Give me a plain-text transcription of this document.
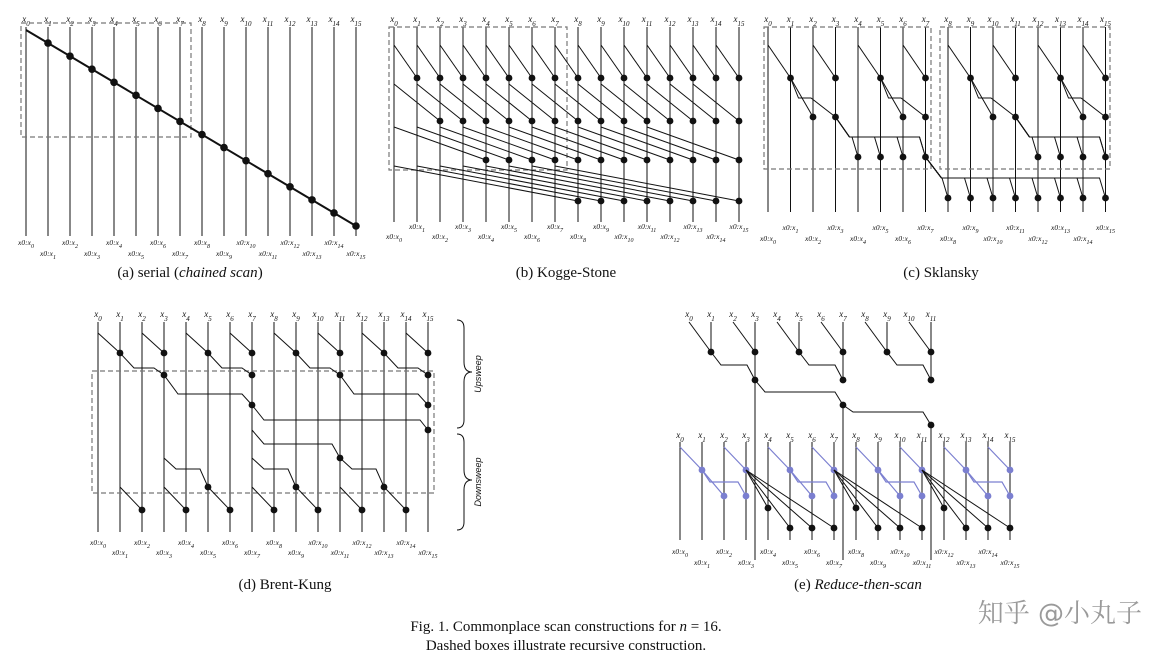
$x_0$
$x0:x_0$
$x_1$
$x0:x_1$
$x_2$
$x0:x_2$
$x_3$
$x0:x_3$
$x_4$
$x0:x_4$
$x_5$
$x0:x_5$
$x_6$
$x0:x_6$
$x_7$
$x0:x_7$
$x_8$
$x0:x_8$
$x_9$
$x0:x_9$
$x_{10}$
$x0:x_{10}$
$x_{11}$
$x0:x_{11}$
$x_{12}$
$x0:x_{12}$
$x_{13}$
$x0:x_{13}$
$x_{14}$
$x0:x_{14}$
$x_{15}$
$x0:x_{15}$
$x_0$
$x0:x_0$
$x_1$
$x0:x_1$
$x_2$
$x0:x_2$
$x_3$
$x0:x_3$
$x_4$
$x0:x_4$
$x_5$
$x0:x_5$
$x_6$
$x0:x_6$
$x_7$
$x0:x_7$
$x_8$
$x0:x_8$
$x_9$
$x0:x_9$
$x_{10}$
$x0:x_{10}$
$x_{11}$
$x0:x_{11}$
$x_{12}$
$x0:x_{12}$
$x_{13}$
$x0:x_{13}$
$x_{14}$
$x0:x_{14}$
$x_{15}$
$x0:x_{15}$
$x_0$
$x0:x_0$
$x_1$
$x0:x_1$
$x_2$
$x0:x_2$
$x_3$
$x0:x_3$
$x_4$
$x0:x_4$
$x_5$
$x0:x_5$
$x_6$
$x0:x_6$
$x_7$
$x0:x_7$
$x_8$
$x0:x_8$
$x_9$
$x0:x_9$
$x_{10}$
$x0:x_{10}$
$x_{11}$
$x0:x_{11}$
$x_{12}$
$x0:x_{12}$
$x_{13}$
$x0:x_{13}$
$x_{14}$
$x0:x_{14}$
$x_{15}$
$x0:x_{15}$
$x_0$
$x0:x_0$
$x_1$
$x0:x_1$
$x_2$
$x0:x_2$
$x_3$
$x0:x_3$
$x_4$
$x0:x_4$
$x_5$
$x0:x_5$
$x_6$
$x0:x_6$
$x_7$
$x0:x_7$
$x_8$
$x0:x_8$
$x_9$
$x0:x_9$
$x_{10}$
$x0:x_{10}$
$x_{11}$
$x0:x_{11}$
$x_{12}$
$x0:x_{12}$
$x_{13}$
$x0:x_{13}$
$x_{14}$
$x0:x_{14}$
$x_{15}$
$x0:x_{15}$
$x_0$ $x_1$ $x_2$ $x_3$ $x_4$ $x_5$ $x_6$ $x_7$ $x_8$ $x_9$ $x_{10}$ $x_{11}$
$x_0$
$x0:x_0$
$x_1$
$x0:x_1$
$x_2$
$x0:x_2$
$x_3$
$x0:x_3$
$x_4$
$x0:x_4$
$x_5$
$x0:x_5$
$x_6$
$x0:x_6$
$x_7$
$x0:x_7$
$x_8$
$x0:x_8$
$x_9$
$x0:x_9$
$x_{10}$
$x0:x_{10}$
$x_{11}$
$x0:x_{11}$
$x_{12}$
$x0:x_{12}$
$x_{13}$
$x0:x_{13}$
$x_{14}$
$x0:x_{14}$
$x_{15}$
$x0:x_{15}$
(a) serial (chained scan)	(b) Kogge-Stone	(c) Sklansky
(d) Brent-Kung	(e) Reduce-then-scan
Upsweep
Downsweep
Fig. 1. Commonplace scan constructions for n = 16.
Dashed boxes illustrate recursive construction.
知乎 @小丸子
